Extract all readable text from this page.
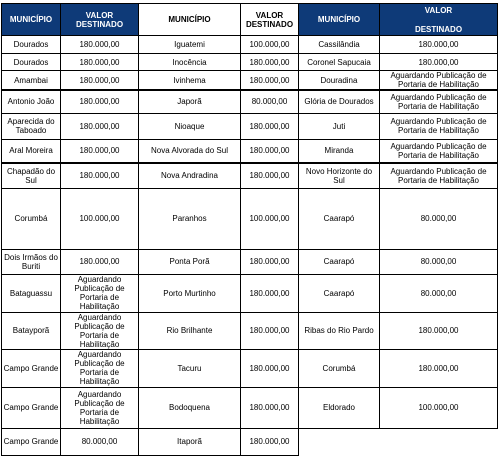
MUNICÍPIO	VALOR DESTINADO	MUNICÍPIO	VALOR DESTINADO	MUNICÍPIO	VALOR
DESTINADO

Dourados	180.000,00	Iguatemi	100.000,00	Cassilândia	180.000,00
Dourados	180.000,00	Inocência	180.000,00	Coronel Sapucaia	180.000,00
Amambai	180.000,00	Ivinhema	180.000,00	Douradina	Aguardando Publicação de Portaria de Habilitação
Antonio João	180.000,00	Japorã	80.000,00	Glória de Dourados	Aguardando Publicação de Portaria de Habilitação
Aparecida do Taboado	180.000,00	Nioaque	180.000,00	Juti	Aguardando Publicação de Portaria de Habilitação
Aral Moreira	180.000,00	Nova Alvorada do Sul	180.000,00	Miranda	Aguardando Publicação de Portaria de Habilitação
Chapadão do Sul	180.000,00	Nova Andradina	180.000,00	Novo Horizonte do Sul	Aguardando Publicação de Portaria de Habilitação
Corumbá	100.000,00	Paranhos	100.000,00	Caarapó	80.000,00
Dois Irmãos do Buriti	180.000,00	Ponta Porã	180.000,00	Caarapó	80.000,00
Bataguassu	Aguardando Publicação de Portaria de Habilitação	Porto Murtinho	180.000,00	Caarapó	80.000,00
Batayporã	Aguardando Publicação de Portaria de Habilitação	Rio Brilhante	180.000,00	Ribas do Rio Pardo	180.000,00
Campo Grande	Aguardando Publicação de Portaria de Habilitação	Tacuru	180.000,00	Corumbá	180.000,00
Campo Grande	Aguardando Publicação de Portaria de Habilitação	Bodoquena	180.000,00	Eldorado	100.000,00
Campo Grande	80.000,00	Itaporã	180.000,00		
